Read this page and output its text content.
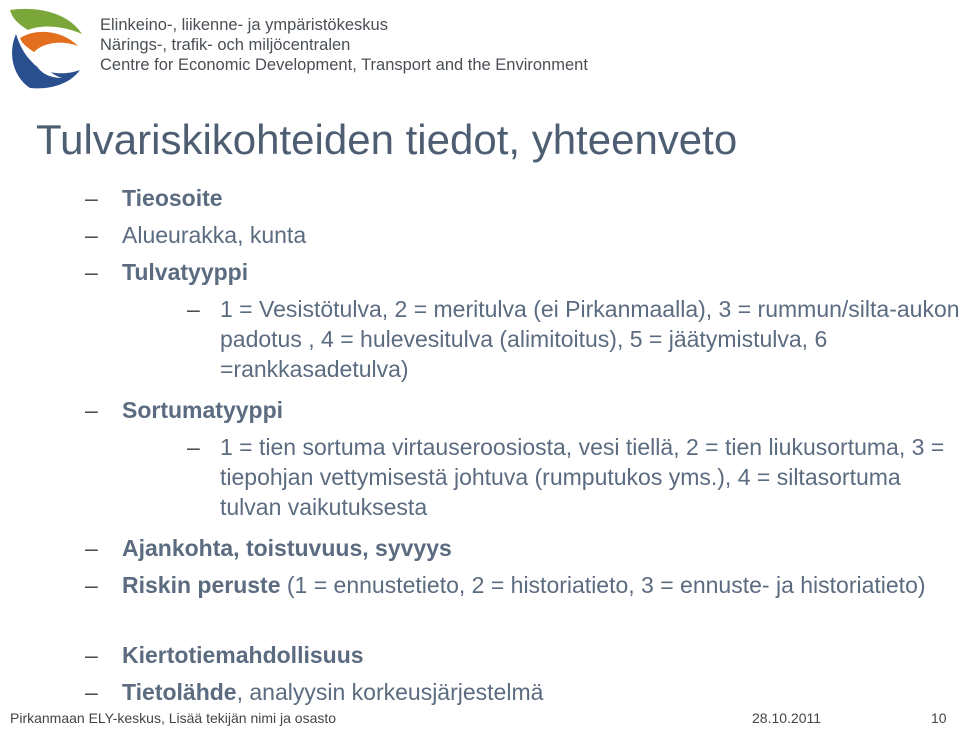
Elinkeino-, liikenne- ja ympäristökeskus
Närings-, trafik- och miljöcentralen
Centre for Economic Development, Transport and the Environment
Tulvariskikohteiden tiedot, yhteenveto
– Tieosoite
– Alueurakka, kunta
– Tulvatyyppi
– 1 = Vesistötulva, 2 = meritulva (ei Pirkanmaalla), 3 = rummun/silta-aukon padotus , 4 = hulevesitulva (alimitoitus), 5 = jäätymistulva, 6 =rankkasadetulva)
– Sortumatyyppi
– 1 = tien sortuma virtauseroosiosta, vesi tiellä, 2 = tien liukusortuma, 3 = tiepohjan vettymisestä johtuva (rumputukos yms.), 4 = siltasortuma tulvan vaikutuksesta
– Ajankohta, toistuvuus, syvyys
– Riskin peruste (1 = ennustetieto, 2 = historiatieto, 3 = ennuste- ja historiatieto)
– Kiertotiemahdollisuus
– Tietolähde, analyysin korkeusjärjestelmä
Pirkanmaan ELY-keskus, Lisää tekijän nimi ja osasto	28.10.2011	10
